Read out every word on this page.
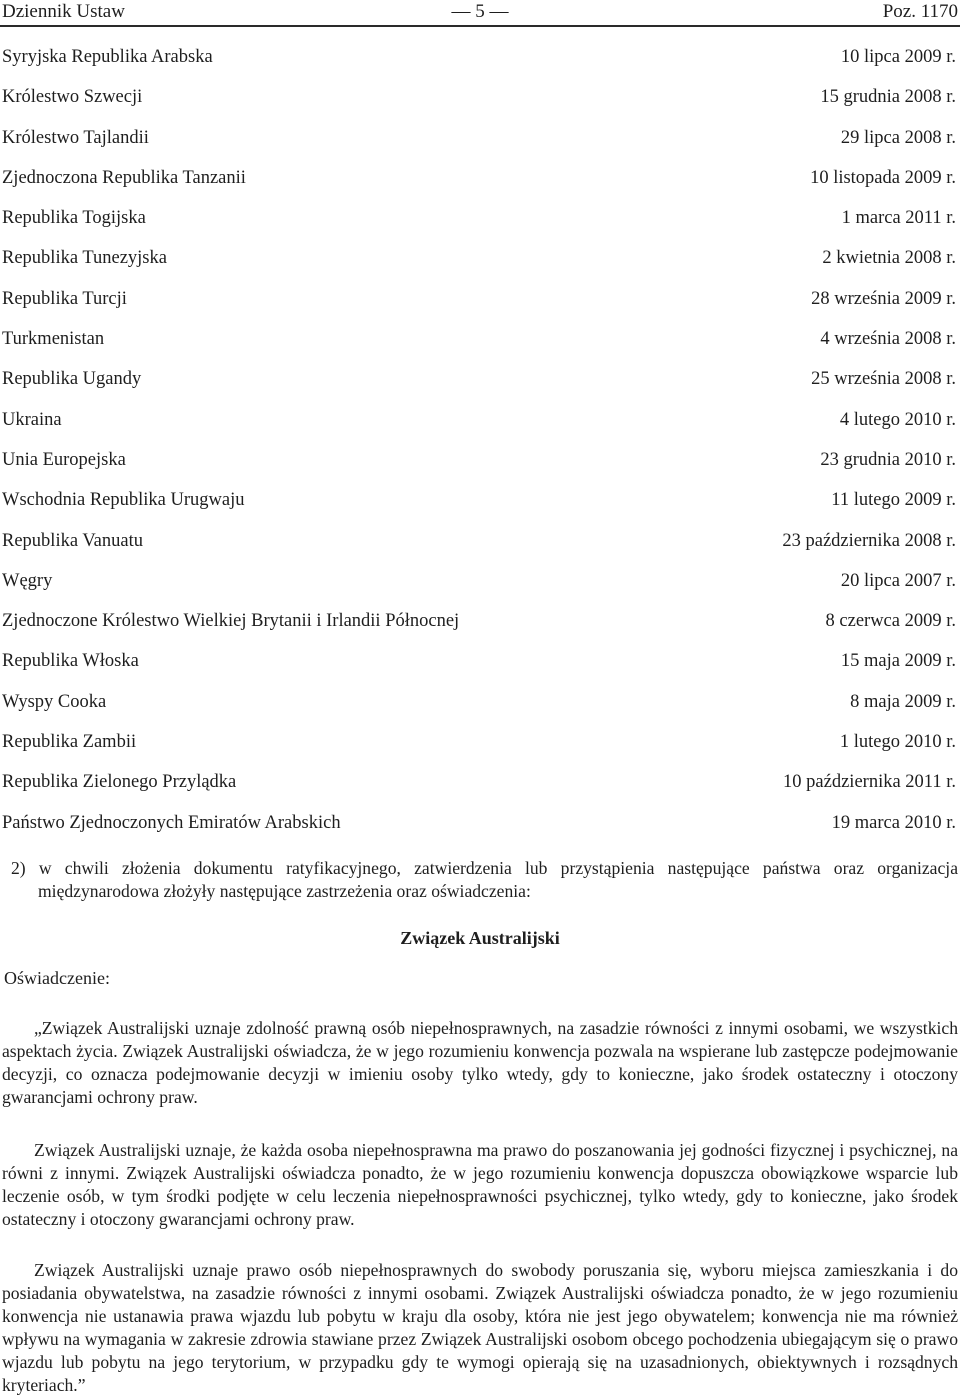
Dziennik Ustaw	— 5 —	Poz. 1170
Syryjska Republika Arabska	10 lipca 2009 r.
Królestwo Szwecji	15 grudnia 2008 r.
Królestwo Tajlandii	29 lipca 2008 r.
Zjednoczona Republika Tanzanii	10 listopada 2009 r.
Republika Togijska	1 marca 2011 r.
Republika Tunezyjska	2 kwietnia 2008 r.
Republika Turcji	28 września 2009 r.
Turkmenistan	4 września 2008 r.
Republika Ugandy	25 września 2008 r.
Ukraina	4 lutego 2010 r.
Unia Europejska	23 grudnia 2010 r.
Wschodnia Republika Urugwaju	11 lutego 2009 r.
Republika Vanuatu	23 października 2008 r.
Węgry	20 lipca 2007 r.
Zjednoczone Królestwo Wielkiej Brytanii i Irlandii Północnej	8 czerwca 2009 r.
Republika Włoska	15 maja 2009 r.
Wyspy Cooka	8 maja 2009 r.
Republika Zambii	1 lutego 2010 r.
Republika Zielonego Przylądka	10 października 2011 r.
Państwo Zjednoczonych Emiratów Arabskich	19 marca 2010 r.
2) w chwili złożenia dokumentu ratyfikacyjnego, zatwierdzenia lub przystąpienia następujące państwa oraz organizacja międzynarodowa złożyły następujące zastrzeżenia oraz oświadczenia:
Związek Australijski
Oświadczenie:
„Związek Australijski uznaje zdolność prawną osób niepełnosprawnych, na zasadzie równości z innymi osobami, we wszystkich aspektach życia. Związek Australijski oświadcza, że w jego rozumieniu konwencja pozwala na wspierane lub zastępcze podejmowanie decyzji, co oznacza podejmowanie decyzji w imieniu osoby tylko wtedy, gdy to konieczne, jako środek ostateczny i otoczony gwarancjami ochrony praw.
Związek Australijski uznaje, że każda osoba niepełnosprawna ma prawo do poszanowania jej godności fizycznej i psychicznej, na równi z innymi. Związek Australijski oświadcza ponadto, że w jego rozumieniu konwencja dopuszcza obowiązkowe wsparcie lub leczenie osób, w tym środki podjęte w celu leczenia niepełnosprawności psychicznej, tylko wtedy, gdy to konieczne, jako środek ostateczny i otoczony gwarancjami ochrony praw.
Związek Australijski uznaje prawo osób niepełnosprawnych do swobody poruszania się, wyboru miejsca zamieszkania i do posiadania obywatelstwa, na zasadzie równości z innymi osobami. Związek Australijski oświadcza ponadto, że w jego rozumieniu konwencja nie ustanawia prawa wjazdu lub pobytu w kraju dla osoby, która nie jest jego obywatelem; konwencja nie ma również wpływu na wymagania w zakresie zdrowia stawiane przez Związek Australijski osobom obcego pochodzenia ubiegającym się o prawo wjazdu lub pobytu na jego terytorium, w przypadku gdy te wymogi opierają się na uzasadnionych, obiektywnych i rozsądnych kryteriach.”
